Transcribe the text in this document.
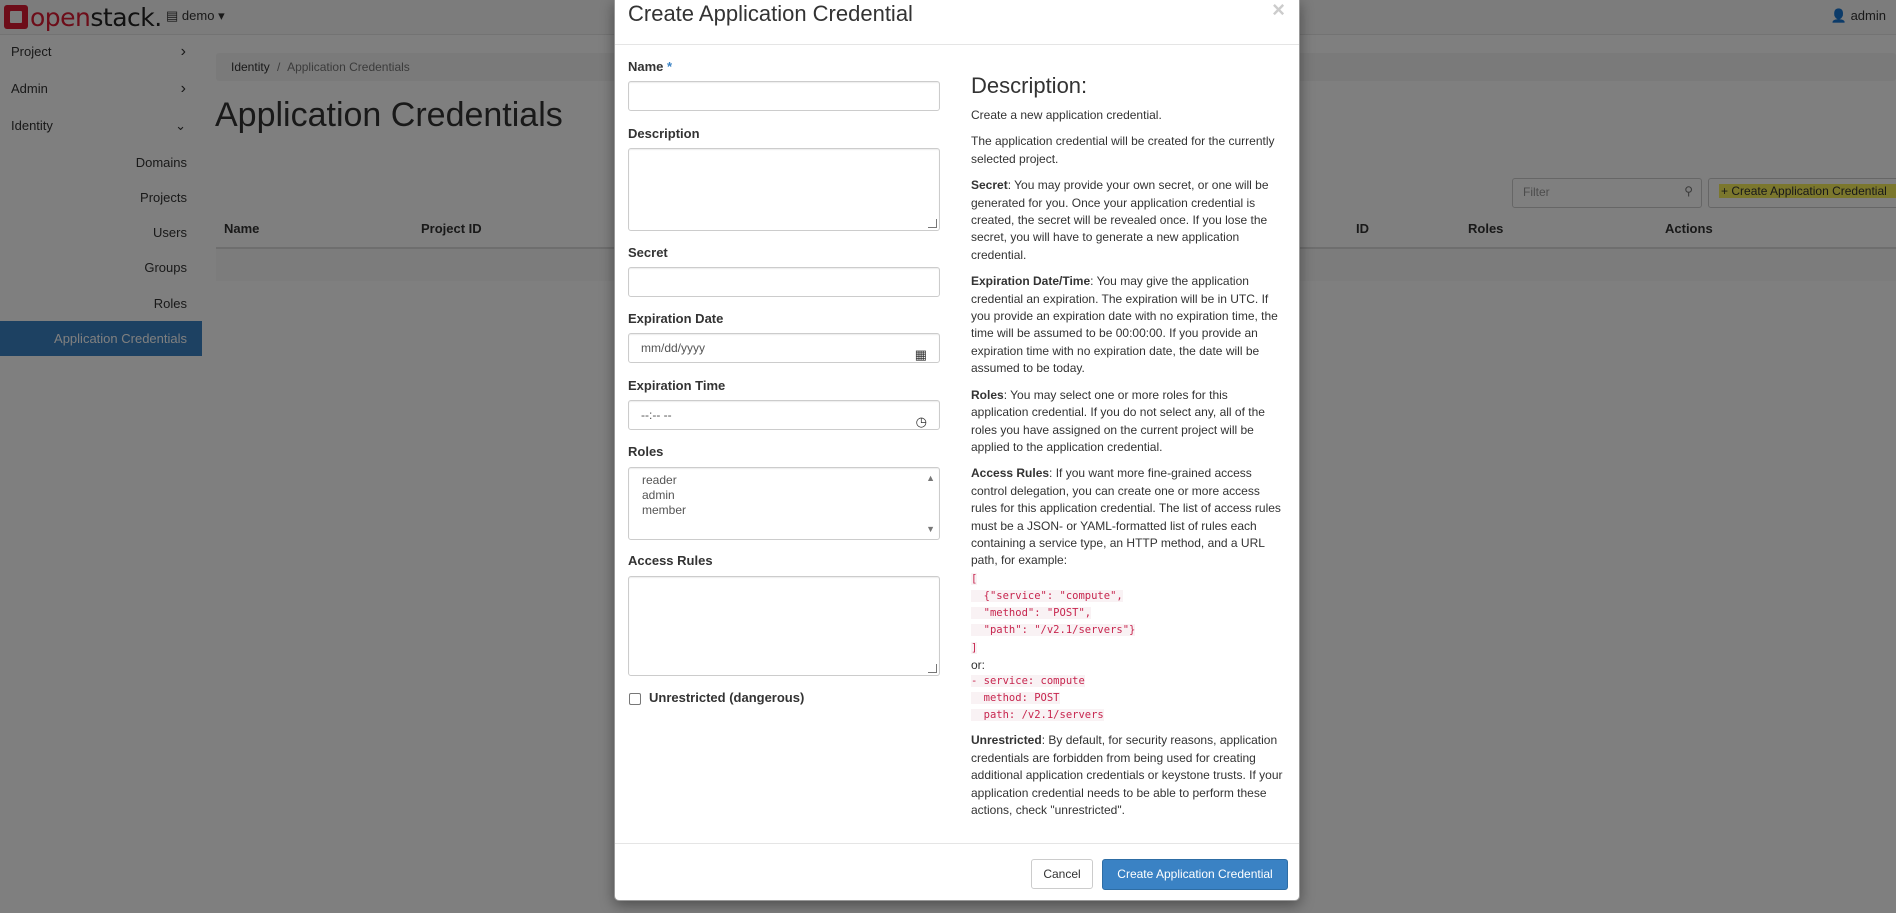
Create Application Credential	×
Name *
Description
Secret
Expiration Date
mm/dd/yyyy	▦
Expiration Time
--:-- --	◷
Roles
reader
admin
member
▲
▼
Access Rules
Unrestricted (dangerous)
Description:

Create a new application credential.

The application credential will be created for the currently selected project.

Secret: You may provide your own secret, or one will be generated for you. Once your application credential is created, the secret will be revealed once. If you lose the secret, you will have to generate a new application credential.

Expiration Date/Time: You may give the application credential an expiration. The expiration will be in UTC. If you provide an expiration date with no expiration time, the time will be assumed to be 00:00:00. If you provide an expiration time with no expiration date, the date will be assumed to be today.

Roles: You may select one or more roles for this application credential. If you do not select any, all of the roles you have assigned on the current project will be applied to the application credential.

Access Rules: If you want more fine-grained access control delegation, you can create one or more access rules for this application credential. The list of access rules must be a JSON- or YAML-formatted list of rules each containing a service type, an HTTP method, and a URL path, for example:

[
{"service": "compute",
"method": "POST",
"path": "/v2.1/servers"}
]
or:
- service: compute
method: POST
path: /v2.1/servers

Unrestricted: By default, for security reasons, application credentials are forbidden from being used for creating additional application credentials or keystone trusts. If your application credential needs to be able to perform these actions, check "unrestricted".

Cancel	Create Application Credential
